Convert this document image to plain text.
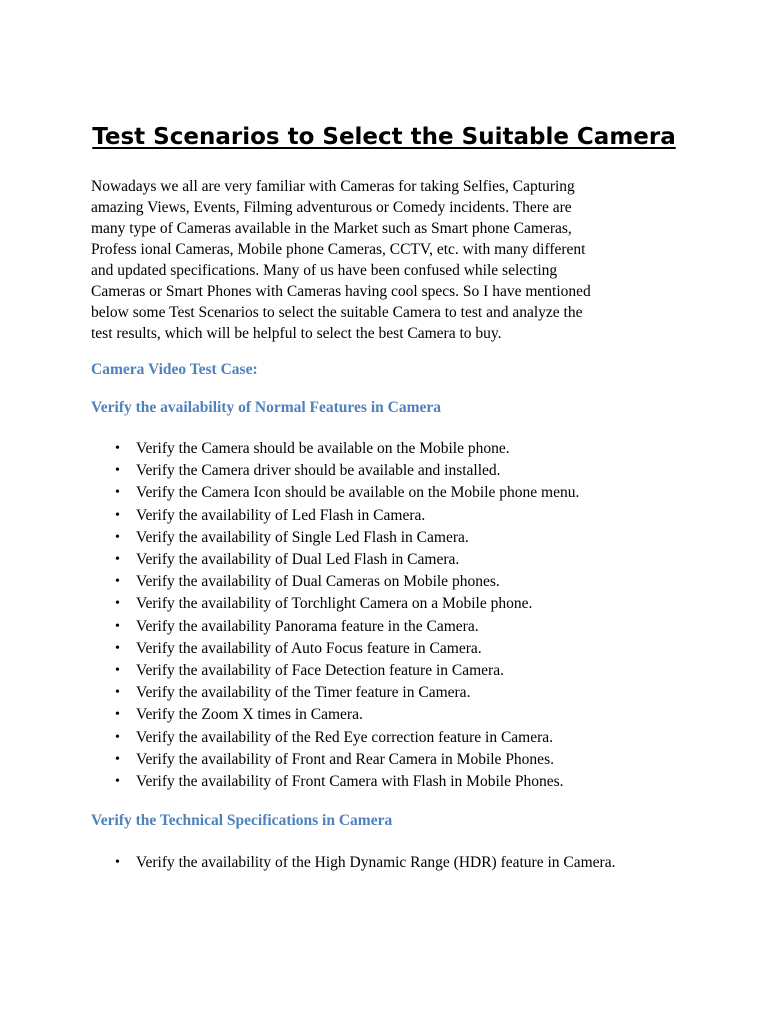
Test Scenarios to Select the Suitable Camera

Nowadays we all are very familiar with Cameras for taking Selfies, Capturing
amazing Views, Events, Filming adventurous or Comedy incidents. There are
many type of Cameras available in the Market such as Smart phone Cameras,
Profess ional Cameras, Mobile phone Cameras, CCTV, etc. with many different
and updated specifications. Many of us have been confused while selecting
Cameras or Smart Phones with Cameras having cool specs. So I have mentioned
below some Test Scenarios to select the suitable Camera to test and analyze the
test results, which will be helpful to select the best Camera to buy.

Camera Video Test Case:
Verify the availability of Normal Features in Camera
• Verify the Camera should be available on the Mobile phone.
• Verify the Camera driver should be available and installed.
• Verify the Camera Icon should be available on the Mobile phone menu.
• Verify the availability of Led Flash in Camera.
• Verify the availability of Single Led Flash in Camera.
• Verify the availability of Dual Led Flash in Camera.
• Verify the availability of Dual Cameras on Mobile phones.
• Verify the availability of Torchlight Camera on a Mobile phone.
• Verify the availability Panorama feature in the Camera.
• Verify the availability of Auto Focus feature in Camera.
• Verify the availability of Face Detection feature in Camera.
• Verify the availability of the Timer feature in Camera.
• Verify the Zoom X times in Camera.
• Verify the availability of the Red Eye correction feature in Camera.
• Verify the availability of Front and Rear Camera in Mobile Phones.
• Verify the availability of Front Camera with Flash in Mobile Phones.
Verify the Technical Specifications in Camera
• Verify the availability of the High Dynamic Range (HDR) feature in Camera.
